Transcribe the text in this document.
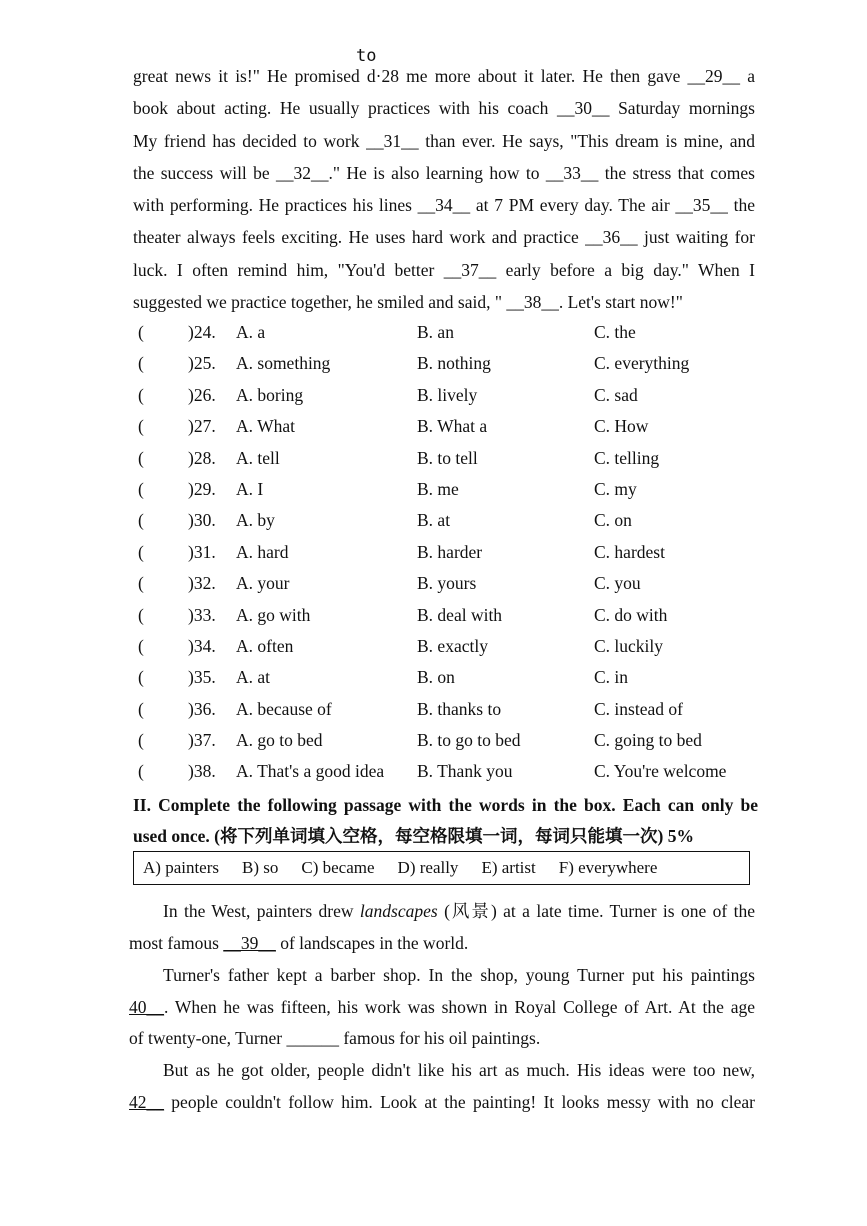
to
great news it is!" He promised d·28 me more about it later. He then gave __29__ a
book about acting. He usually practices with his coach __30__ Saturday mornings
My friend has decided to work __31__ than ever. He says, "This dream is mine, and
the success will be __32__." He is also learning how to __33__ the stress that comes
with performing. He practices his lines __34__ at 7 PM every day. The air __35__ the
theater always feels exciting. He uses hard work and practice __36__ just waiting for
luck. I often remind him, "You'd better __37__ early before a big day." When I
suggested we practice together, he smiled and said, " __38__. Let's start now!"
(	)24. A. a	B. an	C. the
(	)25. A. something	B. nothing	C. everything
(	)26. A. boring	B. lively	C. sad
(	)27. A. What	B. What a	C. How
(	)28. A. tell	B. to tell	C. telling
(	)29. A. I	B. me	C. my
(	)30. A. by	B. at	C. on
(	)31. A. hard	B. harder	C. hardest
(	)32. A. your	B. yours	C. you
(	)33. A. go with	B. deal with	C. do with
(	)34. A. often	B. exactly	C. luckily
(	)35. A. at	B. on	C. in
(	)36. A. because of	B. thanks to	C. instead of
(	)37. A. go to bed	B. to go to bed	C. going to bed
(	)38. A. That's a good idea B. Thank you	C. You're welcome
II. Complete the following passage with the words in the box. Each can only be
used once. (将下列单词填入空格，每空格限填一词，每词只能填一次) 5%
A) painters B) so C) became D) really E) artist F) everywhere
In the West, painters drew landscapes (风景) at a late time. Turner is one of the
most famous __39__ of landscapes in the world.
Turner's father kept a barber shop. In the shop, young Turner put his paintings
40__. When he was fifteen, his work was shown in Royal College of Art. At the age
of twenty-one, Turner ______ famous for his oil paintings.
But as he got older, people didn't like his art as much. His ideas were too new,
42__ people couldn't follow him. Look at the painting! It looks messy with no clear
